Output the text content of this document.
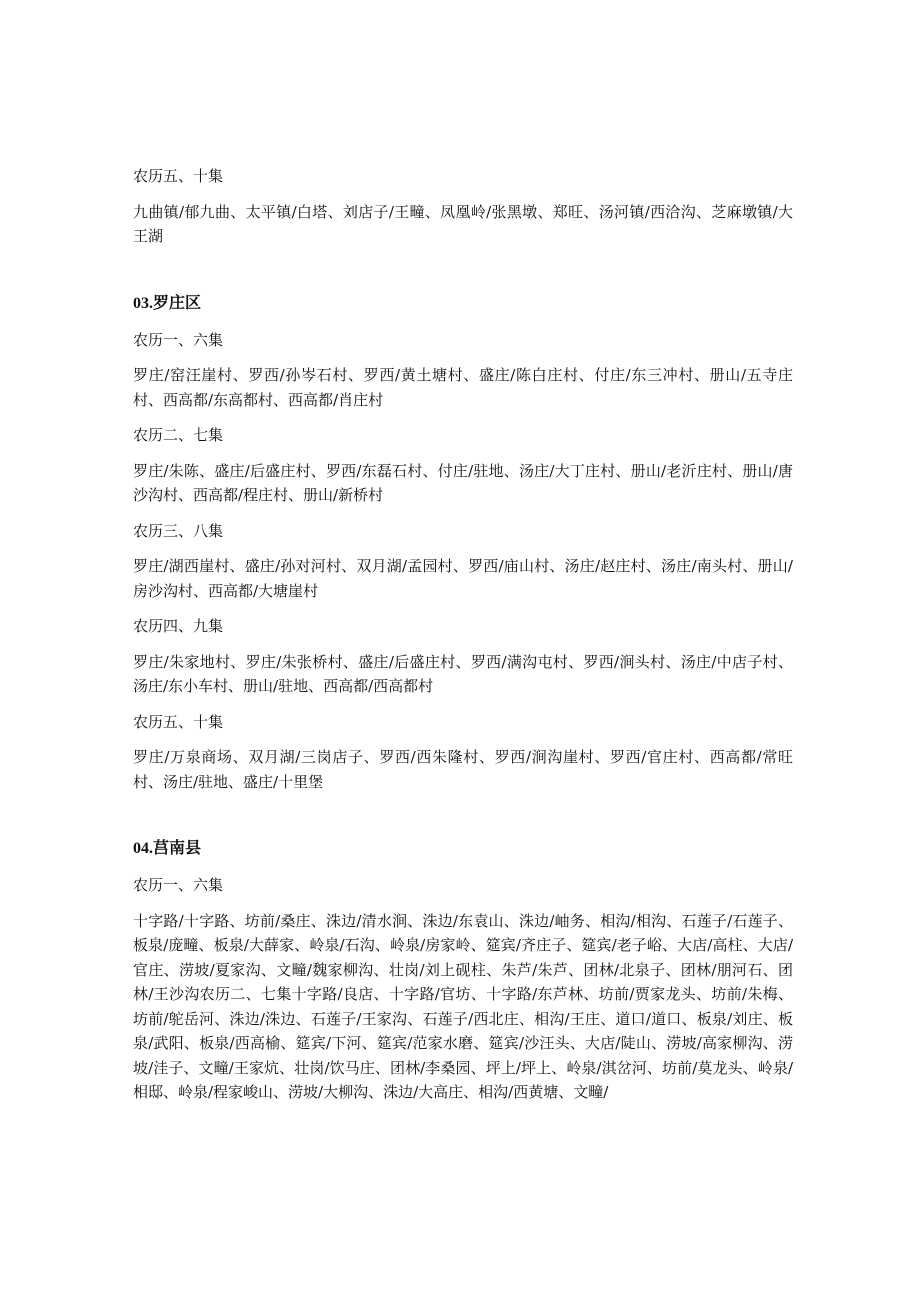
农历五、十集

九曲镇/郁九曲、太平镇/白塔、刘店子/王疃、凤凰岭/张黑墩、郑旺、汤河镇/西洽沟、芝麻墩镇/大王湖

03.罗庄区

农历一、六集

罗庄/窑汪崖村、罗西/孙岑石村、罗西/黄土塘村、盛庄/陈白庄村、付庄/东三冲村、册山/五寺庄村、西高都/东高都村、西高都/肖庄村

农历二、七集

罗庄/朱陈、盛庄/后盛庄村、罗西/东磊石村、付庄/驻地、汤庄/大丁庄村、册山/老沂庄村、册山/唐沙沟村、西高都/程庄村、册山/新桥村

农历三、八集

罗庄/湖西崖村、盛庄/孙对河村、双月湖/孟园村、罗西/庙山村、汤庄/赵庄村、汤庄/南头村、册山/房沙沟村、西高都/大塘崖村

农历四、九集

罗庄/朱家地村、罗庄/朱张桥村、盛庄/后盛庄村、罗西/满沟屯村、罗西/涧头村、汤庄/中店子村、汤庄/东小车村、册山/驻地、西高都/西高都村

农历五、十集

罗庄/万泉商场、双月湖/三岗店子、罗西/西朱隆村、罗西/涧沟崖村、罗西/官庄村、西高都/常旺村、汤庄/驻地、盛庄/十里堡

04.莒南县

农历一、六集

十字路/十字路、坊前/桑庄、洙边/清水涧、洙边/东袁山、洙边/岫务、相沟/相沟、石莲子/石莲子、板泉/庞疃、板泉/大薛家、岭泉/石沟、岭泉/房家岭、筵宾/齐庄子、筵宾/老子峪、大店/高柱、大店/官庄、涝坡/夏家沟、文疃/魏家柳沟、壮岗/刘上砚柱、朱芦/朱芦、团林/北泉子、团林/朋河石、团林/王沙沟农历二、七集十字路/良店、十字路/官坊、十字路/东芦林、坊前/贾家龙头、坊前/朱梅、坊前/鸵岳河、洙边/洙边、石莲子/王家沟、石莲子/西北庄、相沟/王庄、道口/道口、板泉/刘庄、板泉/武阳、板泉/西高榆、筵宾/下河、筵宾/范家水磨、筵宾/沙汪头、大店/陡山、涝坡/高家柳沟、涝坡/洼子、文疃/王家炕、壮岗/饮马庄、团林/李桑园、坪上/坪上、岭泉/淇岔河、坊前/莫龙头、岭泉/相邸、岭泉/程家峻山、涝坡/大柳沟、洙边/大高庄、相沟/西黄塘、文疃/
